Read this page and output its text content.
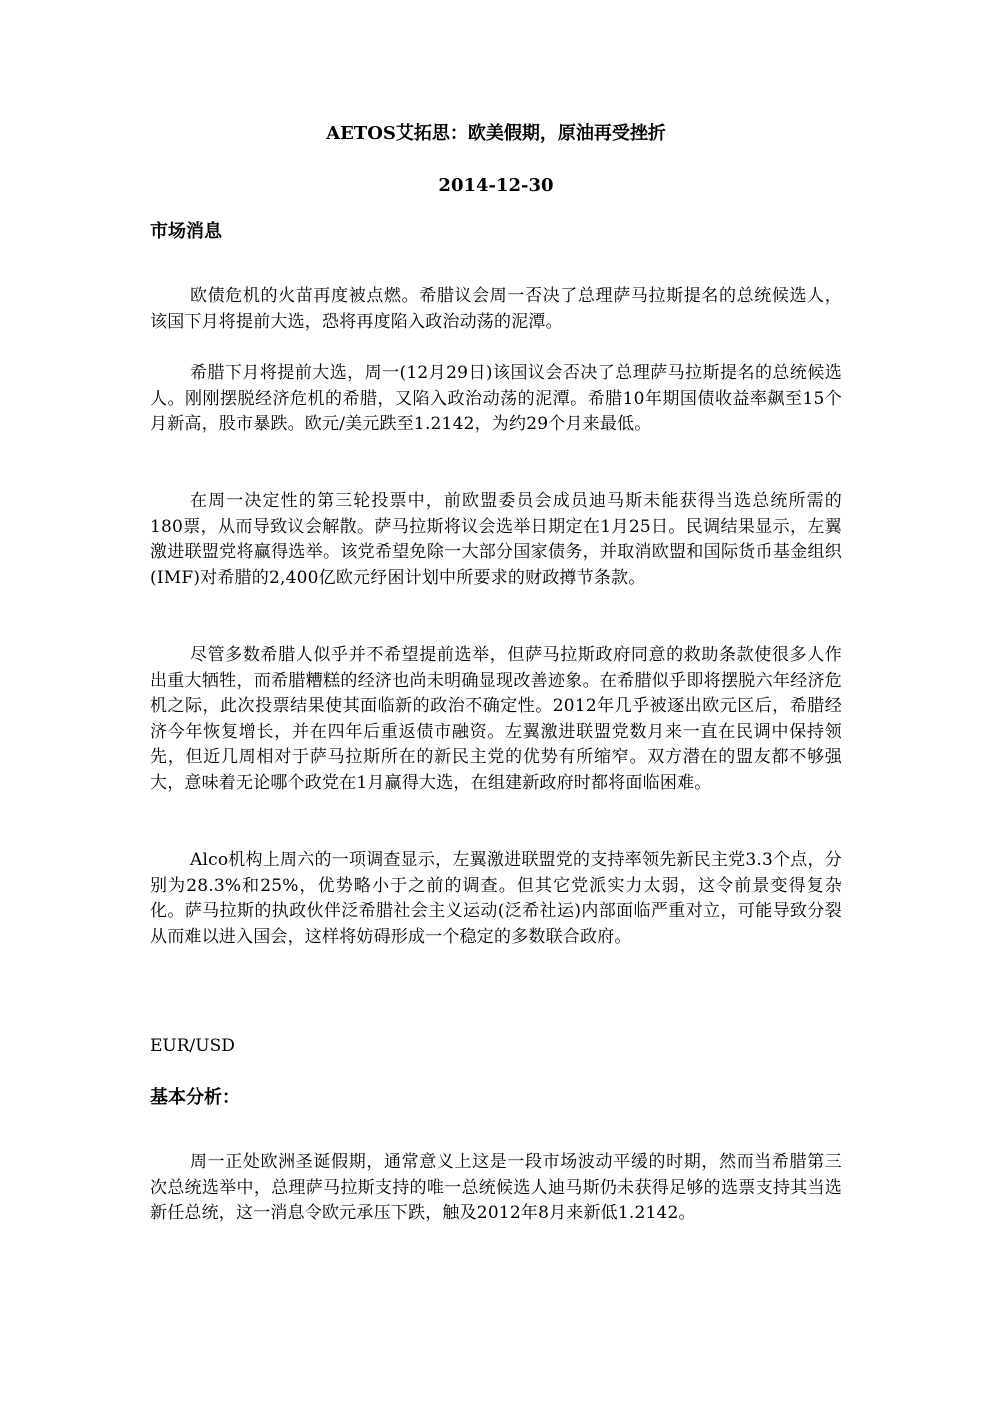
AETOS艾拓思：欧美假期，原油再受挫折
2014-12-30
市场消息

欧债危机的火苗再度被点燃。希腊议会周一否决了总理萨马拉斯提名的总统候选人，该国下月将提前大选，恐将再度陷入政治动荡的泥潭。

希腊下月将提前大选，周一(12月29日)该国议会否决了总理萨马拉斯提名的总统候选人。刚刚摆脱经济危机的希腊，又陷入政治动荡的泥潭。希腊10年期国债收益率飙至15个月新高，股市暴跌。欧元/美元跌至1.2142，为约29个月来最低。

在周一决定性的第三轮投票中，前欧盟委员会成员迪马斯未能获得当选总统所需的180票，从而导致议会解散。萨马拉斯将议会选举日期定在1月25日。民调结果显示，左翼激进联盟党将赢得选举。该党希望免除一大部分国家债务，并取消欧盟和国际货币基金组织(IMF)对希腊的2,400亿欧元纾困计划中所要求的财政撙节条款。

尽管多数希腊人似乎并不希望提前选举，但萨马拉斯政府同意的救助条款使很多人作出重大牺牲，而希腊糟糕的经济也尚未明确显现改善迹象。在希腊似乎即将摆脱六年经济危机之际，此次投票结果使其面临新的政治不确定性。2012年几乎被逐出欧元区后，希腊经济今年恢复增长，并在四年后重返债市融资。左翼激进联盟党数月来一直在民调中保持领先，但近几周相对于萨马拉斯所在的新民主党的优势有所缩窄。双方潜在的盟友都不够强大，意味着无论哪个政党在1月赢得大选，在组建新政府时都将面临困难。

Alco机构上周六的一项调查显示，左翼激进联盟党的支持率领先新民主党3.3个点，分别为28.3%和25%，优势略小于之前的调查。但其它党派实力太弱，这令前景变得复杂化。萨马拉斯的执政伙伴泛希腊社会主义运动(泛希社运)内部面临严重对立，可能导致分裂从而难以进入国会，这样将妨碍形成一个稳定的多数联合政府。

EUR/USD
基本分析：

周一正处欧洲圣诞假期，通常意义上这是一段市场波动平缓的时期，然而当希腊第三次总统选举中，总理萨马拉斯支持的唯一总统候选人迪马斯仍未获得足够的选票支持其当选新任总统，这一消息令欧元承压下跌，触及2012年8月来新低1.2142。
